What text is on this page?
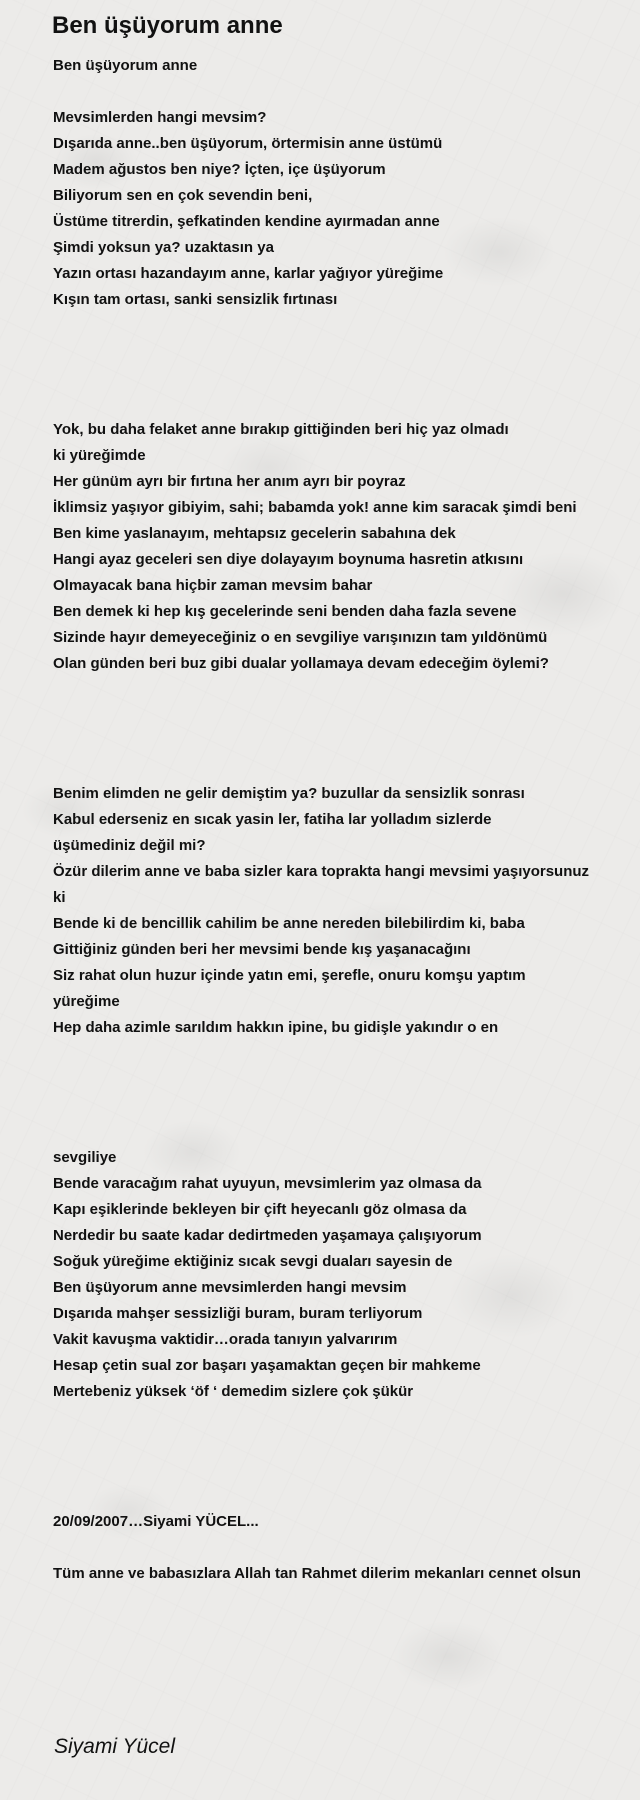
Ben üşüyorum anne
Ben üşüyorum anne
Mevsimlerden hangi mevsim?
Dışarıda anne..ben üşüyorum, örtermisin anne üstümü
Madem ağustos ben niye? İçten, içe üşüyorum
Biliyorum sen en çok sevendin beni,
Üstüme titrerdin, şefkatinden kendine ayırmadan anne
Şimdi yoksun ya? uzaktasın ya
Yazın ortası hazandayım anne, karlar yağıyor yüreğime
Kışın tam ortası, sanki sensizlik fırtınası
Yok, bu daha felaket anne bırakıp gittiğinden beri hiç yaz olmadı
ki yüreğimde
Her günüm ayrı bir fırtına her anım ayrı bir poyraz
İklimsiz yaşıyor gibiyim, sahi; babamda yok! anne kim saracak şimdi beni
Ben kime yaslanayım, mehtapsız gecelerin sabahına dek
Hangi ayaz geceleri sen diye dolayayım boynuma hasretin atkısını
Olmayacak bana hiçbir zaman mevsim bahar
Ben demek ki hep kış gecelerinde seni benden daha fazla sevene
Sizinde hayır demeyeceğiniz o en sevgiliye varışınızın tam yıldönümü
Olan günden beri buz gibi dualar yollamaya devam edeceğim öylemi?
Benim elimden ne gelir demiştim ya? buzullar da sensizlik sonrası
Kabul ederseniz en sıcak yasin ler, fatiha lar yolladım sizlerde
üşümediniz değil mi?
Özür dilerim anne ve baba sizler kara toprakta hangi mevsimi yaşıyorsunuz
ki
Bende ki de bencillik cahilim be anne nereden bilebilirdim ki, baba
Gittiğiniz günden beri her mevsimi bende kış yaşanacağını
Siz rahat olun huzur içinde yatın emi, şerefle, onuru komşu yaptım
yüreğime
Hep daha azimle sarıldım hakkın ipine, bu gidişle yakındır o en
sevgiliye
Bende varacağım rahat uyuyun, mevsimlerim yaz olmasa da
Kapı eşiklerinde bekleyen bir çift heyecanlı göz olmasa da
Nerdedir bu saate kadar dedirtmeden yaşamaya çalışıyorum
Soğuk yüreğime ektiğiniz sıcak sevgi duaları sayesin de
Ben üşüyorum anne mevsimlerden hangi mevsim
Dışarıda mahşer sessizliği buram, buram terliyorum
Vakit kavuşma vaktidir…orada tanıyın yalvarırım
Hesap çetin sual zor başarı yaşamaktan geçen bir mahkeme
Mertebeniz yüksek ‘öf ‘ demedim sizlere çok şükür
20/09/2007…Siyami YÜCEL...
Tüm anne ve babasızlara Allah tan Rahmet dilerim mekanları cennet olsun

Siyami Yücel
